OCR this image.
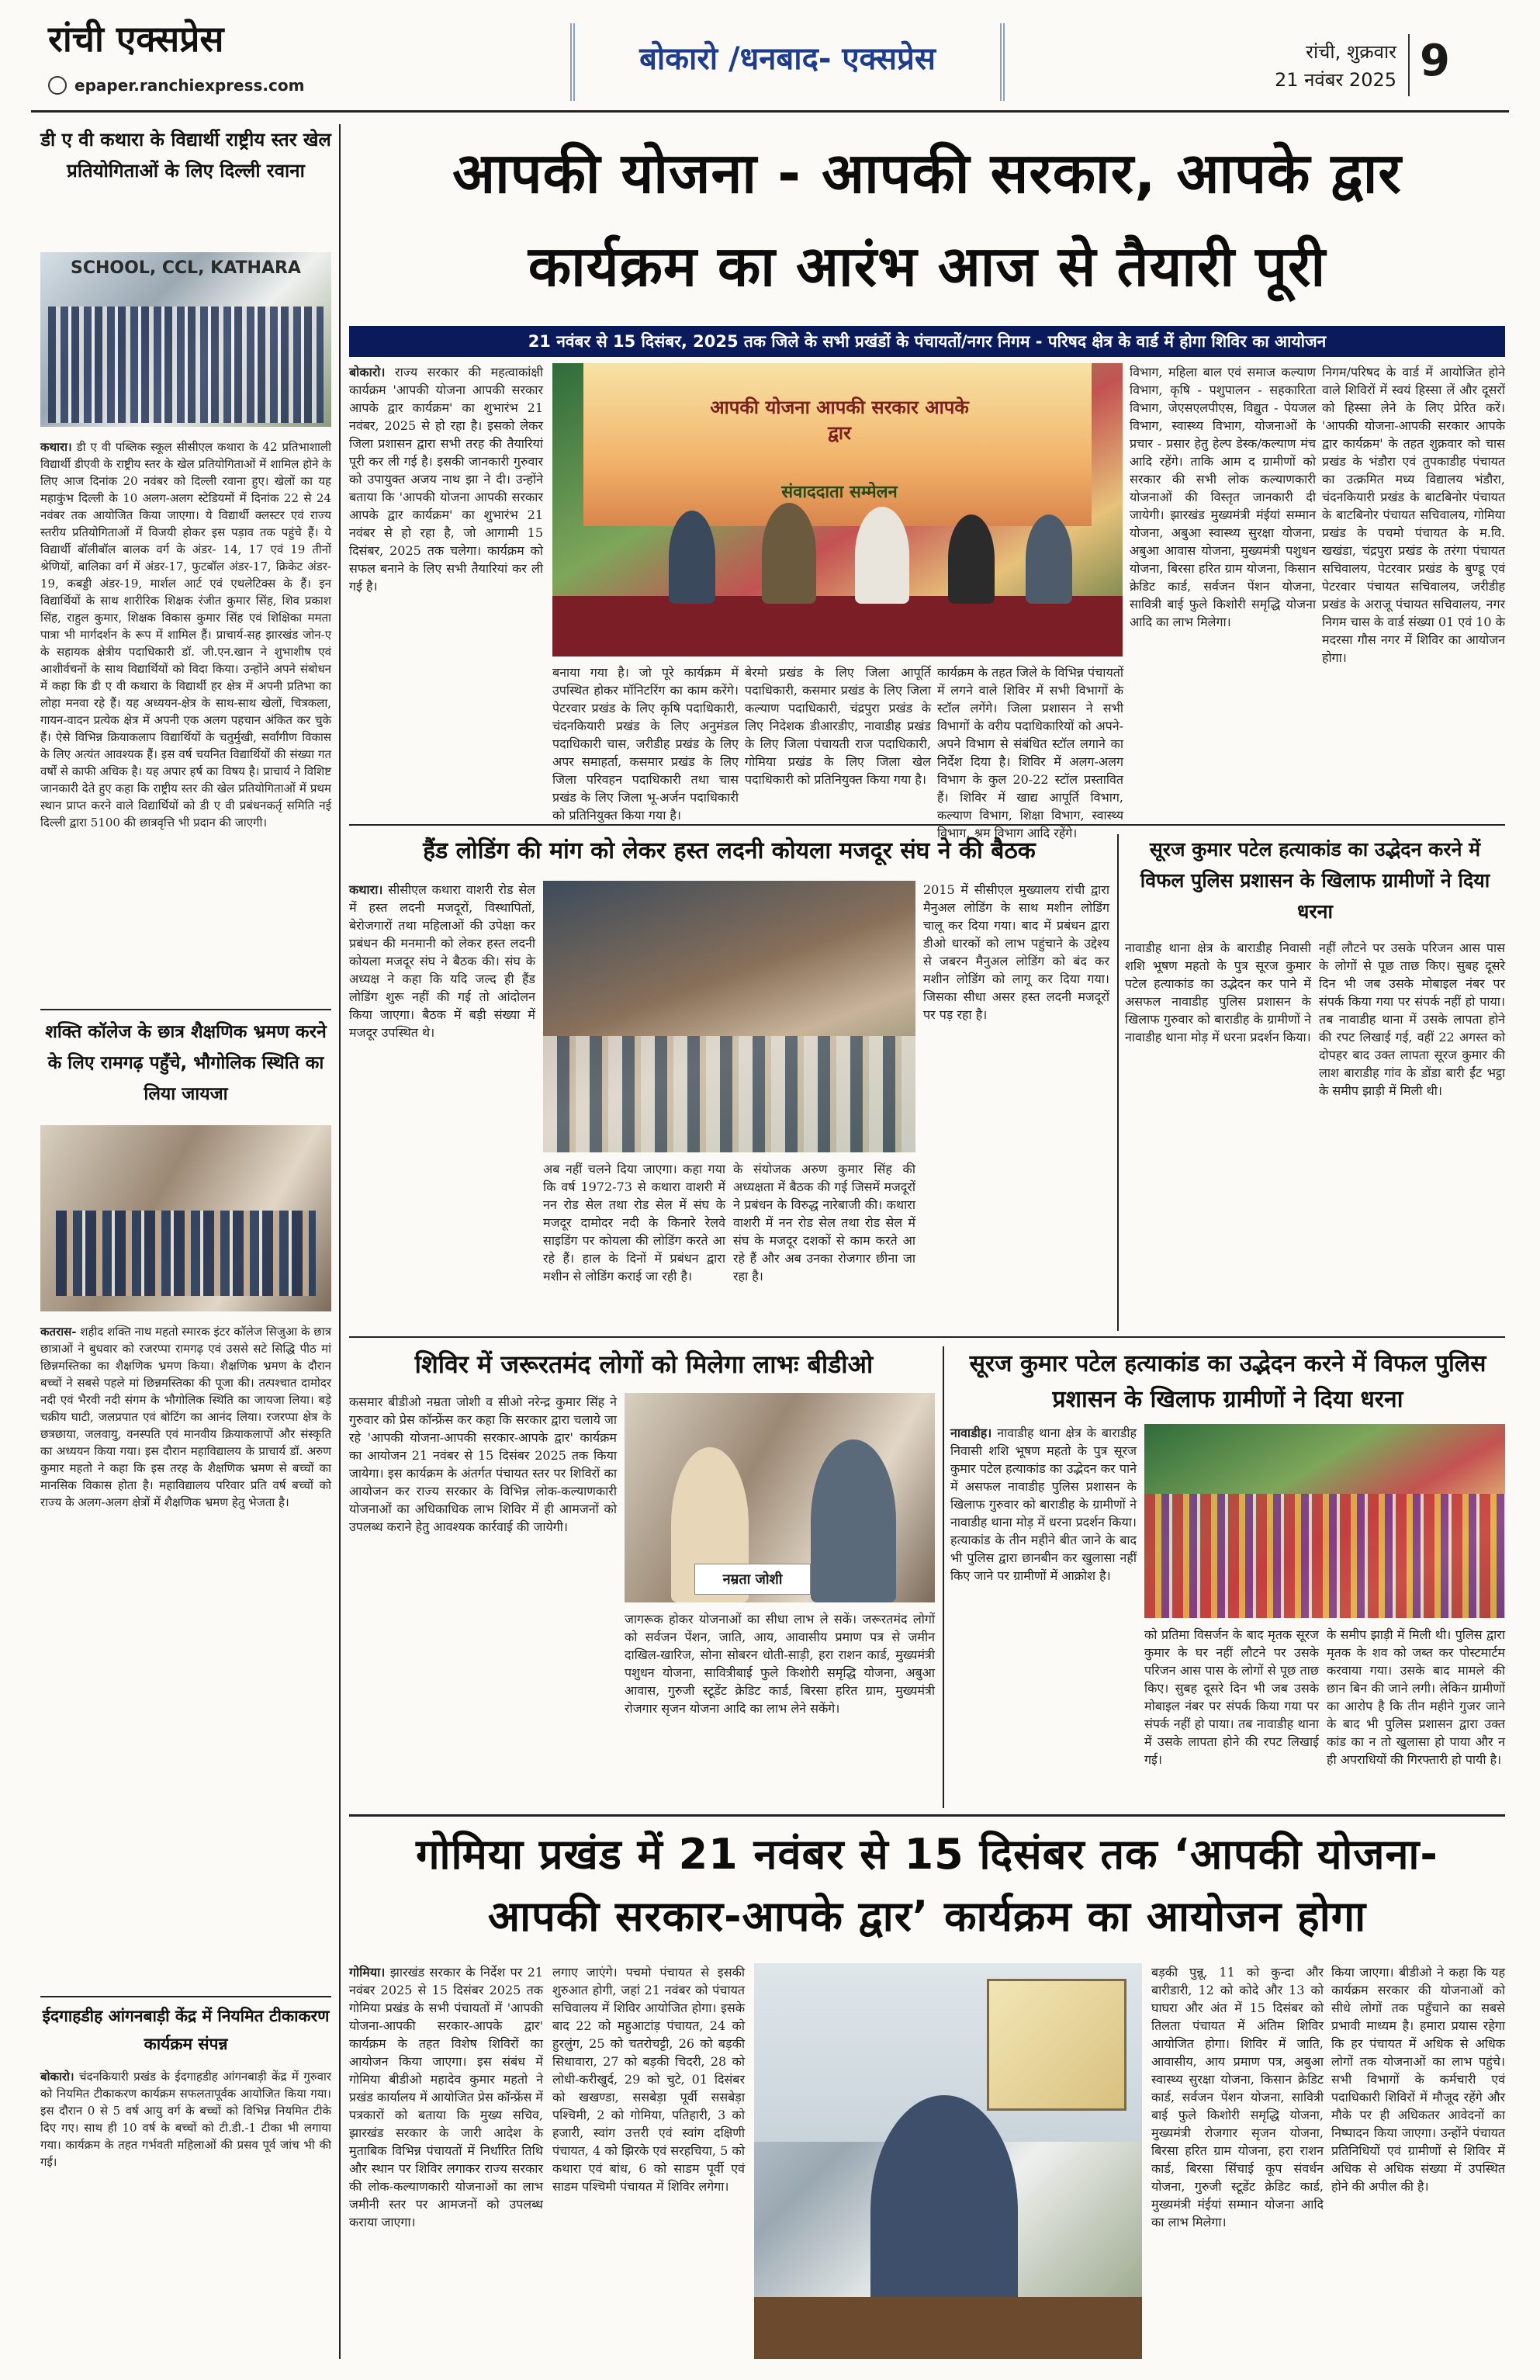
रांची एक्सप्रेस
epaper.ranchiexpress.com
बोकारो /धनबाद- एक्सप्रेस	रांची, शुक्रवार
21 नवंबर 2025 9
डी ए वी कथारा के विद्यार्थी राष्ट्रीय स्तर खेल प्रतियोगिताओं के लिए दिल्ली रवाना
SCHOOL, CCL, KATHARA
कथारा। डी ए वी पब्लिक स्कूल सीसीएल कथारा के 42 प्रतिभाशाली विद्यार्थी डीएवी के राष्ट्रीय स्तर के खेल प्रतियोगिताओं में शामिल होने के लिए आज दिनांक 20 नवंबर को दिल्ली रवाना हुए। खेलों का यह महाकुंभ दिल्ली के 10 अलग-अलग स्टेडियमों में दिनांक 22 से 24 नवंबर तक आयोजित किया जाएगा। ये विद्यार्थी क्लस्टर एवं राज्य स्तरीय प्रतियोगिताओं में विजयी होकर इस पड़ाव तक पहुंचे हैं। ये विद्यार्थी बॉलीबॉल बालक वर्ग के अंडर- 14, 17 एवं 19 तीनों श्रेणियों, बालिका वर्ग में अंडर-17, फुटबॉल अंडर-17, क्रिकेट अंडर- 19, कबड्डी अंडर-19, मार्शल आर्ट एवं एथलेटिक्स के हैं। इन विद्यार्थियों के साथ शारीरिक शिक्षक रंजीत कुमार सिंह, शिव प्रकाश सिंह, राहुल कुमार, शिक्षक विकास कुमार सिंह एवं शिक्षिका ममता पात्रा भी मार्गदर्शन के रूप में शामिल हैं। प्राचार्य-सह झारखंड जोन-ए के सहायक क्षेत्रीय पदाधिकारी डॉ. जी.एन.खान ने शुभाशीष एवं आशीर्वचनों के साथ विद्यार्थियों को विदा किया। उन्होंने अपने संबोधन में कहा कि डी ए वी कथारा के विद्यार्थी हर क्षेत्र में अपनी प्रतिभा का लोहा मनवा रहे हैं। यह अध्ययन-क्षेत्र के साथ-साथ खेलों, चित्रकला, गायन-वादन प्रत्येक क्षेत्र में अपनी एक अलग पहचान अंकित कर चुके हैं। ऐसे विभिन्न क्रियाकलाप विद्यार्थियों के चतुर्मुखी, सर्वांगीण विकास के लिए अत्यंत आवश्यक हैं। इस वर्ष चयनित विद्यार्थियों की संख्या गत वर्षों से काफी अधिक है। यह अपार हर्ष का विषय है। प्राचार्य ने विशिष्ट जानकारी देते हुए कहा कि राष्ट्रीय स्तर की खेल प्रतियोगिताओं में प्रथम स्थान प्राप्त करने वाले विद्यार्थियों को डी ए वी प्रबंधनकर्तृ समिति नई दिल्ली द्वारा 5100 की छात्रवृत्ति भी प्रदान की जाएगी।
शक्ति कॉलेज के छात्र शैक्षणिक भ्रमण करने के लिए रामगढ़ पहुँचे, भौगोलिक स्थिति का लिया जायजा
कतरास- शहीद शक्ति नाथ महतो स्मारक इंटर कॉलेज सिजुआ के छात्र छात्राओं ने बुधवार को रजरप्पा रामगढ़ एवं उससे सटे सिद्धि पीठ मां छिन्नमस्तिका का शैक्षणिक भ्रमण किया। शैक्षणिक भ्रमण के दौरान बच्चों ने सबसे पहले मां छिन्नमस्तिका की पूजा की। तत्पश्चात दामोदर नदी एवं भैरवी नदी संगम के भौगोलिक स्थिति का जायजा लिया। बड़े चक्रीय घाटी, जलप्रपात एवं बोटिंग का आनंद लिया। रजरप्पा क्षेत्र के छत्रछाया, जलवायु, वनस्पति एवं मानवीय क्रियाकलापों और संस्कृति का अध्ययन किया गया। इस दौरान महाविद्यालय के प्राचार्य डॉ. अरुण कुमार महतो ने कहा कि इस तरह के शैक्षणिक भ्रमण से बच्चों का मानसिक विकास होता है। महाविद्यालय परिवार प्रति वर्ष बच्चों को राज्य के अलग-अलग क्षेत्रों में शैक्षणिक भ्रमण हेतु भेजता है।
ईदगाहडीह आंगनबाड़ी केंद्र में नियमित टीकाकरण कार्यक्रम संपन्न
बोकारो। चंदनकियारी प्रखंड के ईदगाहडीह आंगनबाड़ी केंद्र में गुरुवार को नियमित टीकाकरण कार्यक्रम सफलतापूर्वक आयोजित किया गया। इस दौरान 0 से 5 वर्ष आयु वर्ग के बच्चों को विभिन्न नियमित टीके दिए गए। साथ ही 10 वर्ष के बच्चों को टी.डी.-1 टीका भी लगाया गया। कार्यक्रम के तहत गर्भवती महिलाओं की प्रसव पूर्व जांच भी की गई।
आपकी योजना - आपकी सरकार, आपके द्वार
कार्यक्रम का आरंभ आज से तैयारी पूरी
21 नवंबर से 15 दिसंबर, 2025 तक जिले के सभी प्रखंडों के पंचायतों/नगर निगम - परिषद क्षेत्र के वार्ड में होगा शिविर का आयोजन
बोकारो। राज्य सरकार की महत्वाकांक्षी कार्यक्रम 'आपकी योजना आपकी सरकार आपके द्वार कार्यक्रम' का शुभारंभ 21 नवंबर, 2025 से हो रहा है। इसको लेकर जिला प्रशासन द्वारा सभी तरह की तैयारियां पूरी कर ली गई है। इसकी जानकारी गुरुवार को उपायुक्त अजय नाथ झा ने दी। उन्होंने बताया कि 'आपकी योजना आपकी सरकार आपके द्वार कार्यक्रम' का शुभारंभ 21 नवंबर से हो रहा है, जो आगामी 15 दिसंबर, 2025 तक चलेगा। कार्यक्रम को सफल बनाने के लिए सभी तैयारियां कर ली गई है।
आपकी योजना आपकी सरकार आपके द्वार
संवाददाता सम्मेलन
बनाया गया है। जो पूरे कार्यक्रम में उपस्थित होकर मॉनिटरिंग का काम करेंगे। पेटरवार प्रखंड के लिए कृषि पदाधिकारी, चंदनकियारी प्रखंड के लिए अनुमंडल पदाधिकारी चास, जरीडीह प्रखंड के लिए अपर समाहर्ता, कसमार प्रखंड के लिए जिला परिवहन पदाधिकारी तथा चास प्रखंड के लिए जिला भू-अर्जन पदाधिकारी को प्रतिनियुक्त किया गया है।
बेरमो प्रखंड के लिए जिला आपूर्ति पदाधिकारी, कसमार प्रखंड के लिए जिला कल्याण पदाधिकारी, चंद्रपुरा प्रखंड के लिए निदेशक डीआरडीए, नावाडीह प्रखंड के लिए जिला पंचायती राज पदाधिकारी, गोमिया प्रखंड के लिए जिला खेल पदाधिकारी को प्रतिनियुक्त किया गया है।
कार्यक्रम के तहत जिले के विभिन्न पंचायतों में लगने वाले शिविर में सभी विभागों के स्टॉल लगेंगे। जिला प्रशासन ने सभी विभागों के वरीय पदाधिकारियों को अपने-अपने विभाग से संबंधित स्टॉल लगाने का निर्देश दिया है। शिविर में अलग-अलग विभाग के कुल 20-22 स्टॉल प्रस्तावित हैं। शिविर में खाद्य आपूर्ति विभाग, कल्याण विभाग, शिक्षा विभाग, स्वास्थ्य विभाग, श्रम विभाग आदि रहेंगे।
विभाग, महिला बाल एवं समाज कल्याण विभाग, कृषि - पशुपालन - सहकारिता विभाग, जेएसएलपीएस, विद्युत - पेयजल विभाग, स्वास्थ्य विभाग, योजनाओं के प्रचार - प्रसार हेतु हेल्प डेस्क/कल्याण मंच आदि रहेंगे। ताकि आम द ग्रामीणों को सरकार की सभी लोक कल्याणकारी योजनाओं की विस्तृत जानकारी दी जायेगी। झारखंड मुख्यमंत्री मंईयां सम्मान योजना, अबुआ स्वास्थ्य सुरक्षा योजना, अबुआ आवास योजना, मुख्यमंत्री पशुधन योजना, बिरसा हरित ग्राम योजना, किसान क्रेडिट कार्ड, सर्वजन पेंशन योजना, सावित्री बाई फुले किशोरी समृद्धि योजना आदि का लाभ मिलेगा।
निगम/परिषद के वार्ड में आयोजित होने वाले शिविरों में स्वयं हिस्सा लें और दूसरों को हिस्सा लेने के लिए प्रेरित करें। 'आपकी योजना-आपकी सरकार आपके द्वार कार्यक्रम' के तहत शुक्रवार को चास प्रखंड के भंडौरा एवं तुपकाडीह पंचायत का उत्क्रमित मध्य विद्यालय भंडौरा, चंदनकियारी प्रखंड के बाटबिनोर पंचायत के बाटबिनोर पंचायत सचिवालय, गोमिया प्रखंड के पचमो पंचायत के म.वि. खखंडा, चंद्रपुरा प्रखंड के तरंगा पंचायत सचिवालय, पेटरवार प्रखंड के बुण्डू एवं पेटरवार पंचायत सचिवालय, जरीडीह प्रखंड के अराजू पंचायत सचिवालय, नगर निगम चास के वार्ड संख्या 01 एवं 10 के मदरसा गौस नगर में शिविर का आयोजन होगा।
हैंड लोडिंग की मांग को लेकर हस्त लदनी कोयला मजदूर संघ ने की बैठक
कथारा। सीसीएल कथारा वाशरी रोड सेल में हस्त लदनी मजदूरों, विस्थापितों, बेरोजगारों तथा महिलाओं की उपेक्षा कर प्रबंधन की मनमानी को लेकर हस्त लदनी कोयला मजदूर संघ ने बैठक की। संघ के अध्यक्ष ने कहा कि यदि जल्द ही हैंड लोडिंग शुरू नहीं की गई तो आंदोलन किया जाएगा। बैठक में बड़ी संख्या में मजदूर उपस्थित थे।
अब नहीं चलने दिया जाएगा। कहा गया कि वर्ष 1972-73 से कथारा वाशरी में नन रोड सेल तथा रोड सेल में संघ के मजदूर दामोदर नदी के किनारे रेलवे साइडिंग पर कोयला की लोडिंग करते आ रहे हैं। हाल के दिनों में प्रबंधन द्वारा मशीन से लोडिंग कराई जा रही है।
के संयोजक अरुण कुमार सिंह की अध्यक्षता में बैठक की गई जिसमें मजदूरों ने प्रबंधन के विरुद्ध नारेबाजी की। कथारा वाशरी में नन रोड सेल तथा रोड सेल में संघ के मजदूर दशकों से काम करते आ रहे हैं और अब उनका रोजगार छीना जा रहा है।
2015 में सीसीएल मुख्यालय रांची द्वारा मैनुअल लोडिंग के साथ मशीन लोडिंग चालू कर दिया गया। बाद में प्रबंधन द्वारा डीओ धारकों को लाभ पहुंचाने के उद्देश्य से जबरन मैनुअल लोडिंग को बंद कर मशीन लोडिंग को लागू कर दिया गया। जिसका सीधा असर हस्त लदनी मजदूरों पर पड़ रहा है।
सूरज कुमार पटेल हत्याकांड का उद्भेदन करने में विफल पुलिस प्रशासन के खिलाफ ग्रामीणों ने दिया धरना
नावाडीह थाना क्षेत्र के बाराडीह निवासी शशि भूषण महतो के पुत्र सूरज कुमार पटेल हत्याकांड का उद्भेदन कर पाने में असफल नावाडीह पुलिस प्रशासन के खिलाफ गुरुवार को बाराडीह के ग्रामीणों ने नावाडीह थाना मोड़ में धरना प्रदर्शन किया।
नहीं लौटने पर उसके परिजन आस पास के लोगों से पूछ ताछ किए। सुबह दूसरे दिन भी जब उसके मोबाइल नंबर पर संपर्क किया गया पर संपर्क नहीं हो पाया। तब नावाडीह थाना में उसके लापता होने की रपट लिखाई गई, वहीं 22 अगस्त को दोपहर बाद उक्त लापता सूरज कुमार की लाश बाराडीह गांव के डोंडा बारी ईंट भट्ठा के समीप झाड़ी में मिली थी।
शिविर में जरूरतमंद लोगों को मिलेगा लाभः बीडीओ
कसमार बीडीओ नम्रता जोशी व सीओ नरेन्द्र कुमार सिंह ने गुरुवार को प्रेस कॉन्फ्रेंस कर कहा कि सरकार द्वारा चलाये जा रहे 'आपकी योजना-आपकी सरकार-आपके द्वार' कार्यक्रम का आयोजन 21 नवंबर से 15 दिसंबर 2025 तक किया जायेगा। इस कार्यक्रम के अंतर्गत पंचायत स्तर पर शिविरों का आयोजन कर राज्य सरकार के विभिन्न लोक-कल्याणकारी योजनाओं का अधिकाधिक लाभ शिविर में ही आमजनों को उपलब्ध कराने हेतु आवश्यक कार्रवाई की जायेगी।
नम्रता जोशी
जागरूक होकर योजनाओं का सीधा लाभ ले सकें। जरूरतमंद लोगों को सर्वजन पेंशन, जाति, आय, आवासीय प्रमाण पत्र से जमीन दाखिल-खारिज, सोना सोबरन धोती-साड़ी, हरा राशन कार्ड, मुख्यमंत्री पशुधन योजना, सावित्रीबाई फुले किशोरी समृद्धि योजना, अबुआ आवास, गुरुजी स्टूडेंट क्रेडिट कार्ड, बिरसा हरित ग्राम, मुख्यमंत्री रोजगार सृजन योजना आदि का लाभ लेने सकेंगे।
सूरज कुमार पटेल हत्याकांड का उद्भेदन करने में विफल पुलिस प्रशासन के खिलाफ ग्रामीणों ने दिया धरना
नावाडीह। नावाडीह थाना क्षेत्र के बाराडीह निवासी शशि भूषण महतो के पुत्र सूरज कुमार पटेल हत्याकांड का उद्भेदन कर पाने में असफल नावाडीह पुलिस प्रशासन के खिलाफ गुरुवार को बाराडीह के ग्रामीणों ने नावाडीह थाना मोड़ में धरना प्रदर्शन किया। हत्याकांड के तीन महीने बीत जाने के बाद भी पुलिस द्वारा छानबीन कर खुलासा नहीं किए जाने पर ग्रामीणों में आक्रोश है।
को प्रतिमा विसर्जन के बाद मृतक सूरज कुमार के घर नहीं लौटने पर उसके परिजन आस पास के लोगों से पूछ ताछ किए। सुबह दूसरे दिन भी जब उसके मोबाइल नंबर पर संपर्क किया गया पर संपर्क नहीं हो पाया। तब नावाडीह थाना में उसके लापता होने की रपट लिखाई गई।
के समीप झाड़ी में मिली थी। पुलिस द्वारा मृतक के शव को जब्त कर पोस्टमार्टम करवाया गया। उसके बाद मामले की छान बिन की जाने लगी। लेकिन ग्रामीणों का आरोप है कि तीन महीने गुजर जाने के बाद भी पुलिस प्रशासन द्वारा उक्त कांड का न तो खुलासा हो पाया और न ही अपराधियों की गिरफ्तारी हो पायी है।
गोमिया प्रखंड में 21 नवंबर से 15 दिसंबर तक ‘आपकी योजना-
आपकी सरकार-आपके द्वार’ कार्यक्रम का आयोजन होगा
गोमिया। झारखंड सरकार के निर्देश पर 21 नवंबर 2025 से 15 दिसंबर 2025 तक गोमिया प्रखंड के सभी पंचायतों में 'आपकी योजना-आपकी सरकार-आपके द्वार' कार्यक्रम के तहत विशेष शिविरों का आयोजन किया जाएगा। इस संबंध में गोमिया बीडीओ महादेव कुमार महतो ने प्रखंड कार्यालय में आयोजित प्रेस कॉन्फ्रेंस में पत्रकारों को बताया कि मुख्य सचिव, झारखंड सरकार के जारी आदेश के मुताबिक विभिन्न पंचायतों में निर्धारित तिथि और स्थान पर शिविर लगाकर राज्य सरकार की लोक-कल्याणकारी योजनाओं का लाभ जमीनी स्तर पर आमजनों को उपलब्ध कराया जाएगा।
लगाए जाएंगे। पचमो पंचायत से इसकी शुरुआत होगी, जहां 21 नवंबर को पंचायत सचिवालय में शिविर आयोजित होगा। इसके बाद 22 को महुआटांड़ पंचायत, 24 को हुरलुंग, 25 को चतरोचट्टी, 26 को बड़की सिधावारा, 27 को बड़की चिदरी, 28 को लोधी-करीखुर्द, 29 को चुटे, 01 दिसंबर को खखण्डा, ससबेड़ा पूर्वी ससबेड़ा पश्चिमी, 2 को गोमिया, पतिहारी, 3 को हजारी, स्वांग उत्तरी एवं स्वांग दक्षिणी पंचायत, 4 को झिरके एवं सरहचिया, 5 को कथारा एवं बांध, 6 को साडम पूर्वी एवं साडम पश्चिमी पंचायत में शिविर लगेगा।
बड़की पुन्नू, 11 को कुन्दा और बारीडारी, 12 को कोदे और 13 को घाघरा और अंत में 15 दिसंबर को तिलता पंचायत में अंतिम शिविर आयोजित होगा। शिविर में जाति, आवासीय, आय प्रमाण पत्र, अबुआ स्वास्थ्य सुरक्षा योजना, किसान क्रेडिट कार्ड, सर्वजन पेंशन योजना, सावित्री बाई फुले किशोरी समृद्धि योजना, मुख्यमंत्री रोजगार सृजन योजना, बिरसा हरित ग्राम योजना, हरा राशन कार्ड, बिरसा सिंचाई कूप संवर्धन योजना, गुरुजी स्टूडेंट क्रेडिट कार्ड, मुख्यमंत्री मंईयां सम्मान योजना आदि का लाभ मिलेगा।
किया जाएगा। बीडीओ ने कहा कि यह कार्यक्रम सरकार की योजनाओं को सीधे लोगों तक पहुँचाने का सबसे प्रभावी माध्यम है। हमारा प्रयास रहेगा कि हर पंचायत में अधिक से अधिक लोगों तक योजनाओं का लाभ पहुंचे। सभी विभागों के कर्मचारी एवं पदाधिकारी शिविरों में मौजूद रहेंगे और मौके पर ही अधिकतर आवेदनों का निष्पादन किया जाएगा। उन्होंने पंचायत प्रतिनिधियों एवं ग्रामीणों से शिविर में अधिक से अधिक संख्या में उपस्थित होने की अपील की है।
